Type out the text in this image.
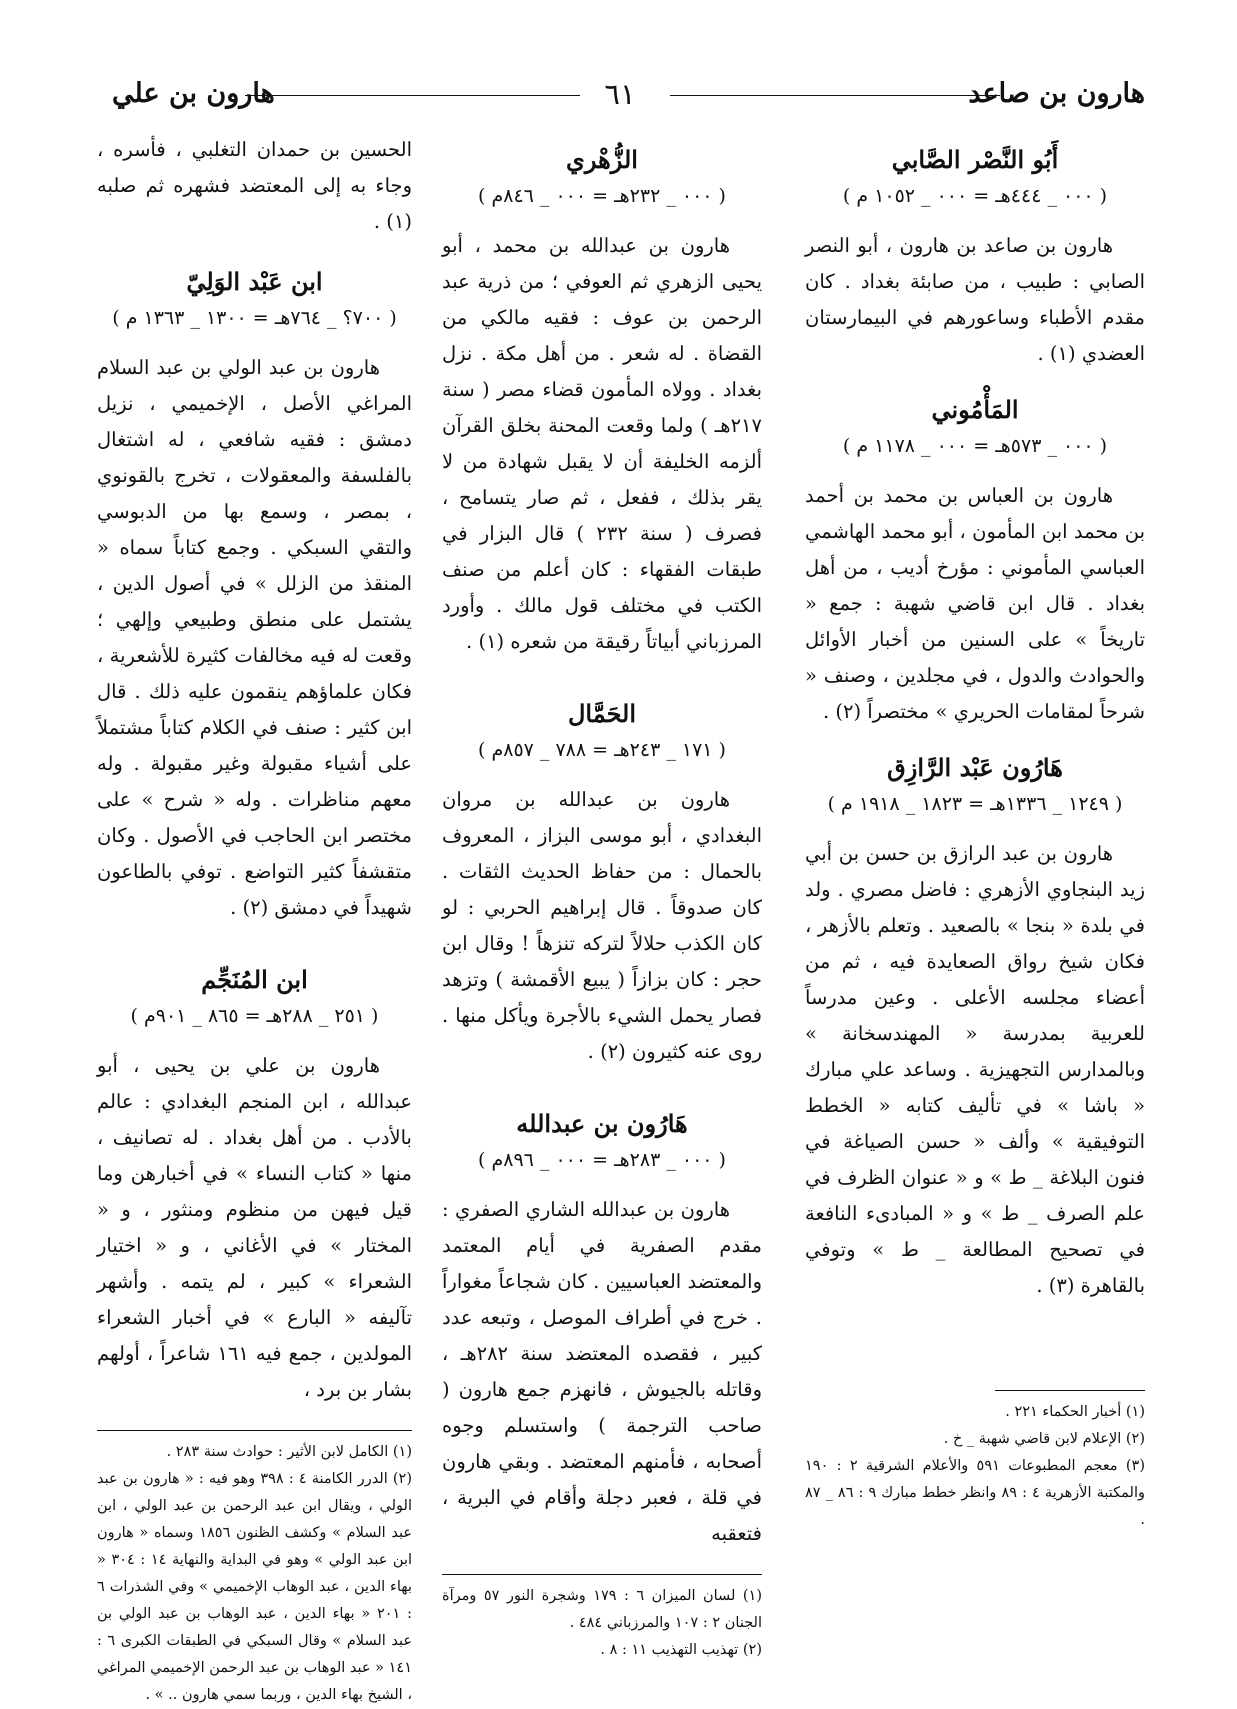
هارون بن صاعد
٦١
هارون بن علي
أَبُو النَّصْر الصَّابي
( ٠٠٠ _ ٤٤٤هـ = ٠٠٠ _ ١٠٥٢ م )

هارون بن صاعد بن هارون ، أبو النصر الصابي : طبيب ، من صابئة بغداد . كان مقدم الأطباء وساعورهم في البيمارستان العضدي (١) .

المَأْمُوني
( ٠٠٠ _ ٥٧٣هـ = ٠٠٠ _ ١١٧٨ م )

هارون بن العباس بن محمد بن أحمد بن محمد ابن المأمون ، أبو محمد الهاشمي العباسي المأموني : مؤرخ أديب ، من أهل بغداد . قال ابن قاضي شهبة : جمع « تاريخاً » على السنين من أخبار الأوائل والحوادث والدول ، في مجلدين ، وصنف « شرحاً لمقامات الحريري » مختصراً (٢) .

هَارُون عَبْد الرَّازِق
( ١٢٤٩ _ ١٣٣٦هـ = ١٨٢٣ _ ١٩١٨ م )

هارون بن عبد الرازق بن حسن بن أبي زيد البنجاوي الأزهري : فاضل مصري . ولد في بلدة « بنجا » بالصعيد . وتعلم بالأزهر ، فكان شيخ رواق الصعايدة فيه ، ثم من أعضاء مجلسه الأعلى . وعين مدرساً للعربية بمدرسة « المهندسخانة » وبالمدارس التجهيزية . وساعد علي مبارك « باشا » في تأليف كتابه « الخطط التوفيقية » وألف « حسن الصياغة في فنون البلاغة _ ط » و « عنوان الظرف في علم الصرف _ ط » و « المبادىء النافعة في تصحيح المطالعة _ ط » وتوفي بالقاهرة (٣) .

(١) أخبار الحكماء ٢٢١ .

(٢) الإعلام لابن قاضي شهبة _ خ .

(٣) معجم المطبوعات ٥٩١ والأعلام الشرقية ٢ : ١٩٠ والمكتبة الأزهرية ٤ : ٨٩ وانظر خطط مبارك ٩ : ٨٦ _ ٨٧ .

الزُّهْري
( ٠٠٠ _ ٢٣٢هـ = ٠٠٠ _ ٨٤٦م )

هارون بن عبدالله بن محمد ، أبو يحيى الزهري ثم العوفي ؛ من ذرية عبد الرحمن بن عوف : فقيه مالكي من القضاة . له شعر . من أهل مكة . نزل بغداد . وولاه المأمون قضاء مصر ( سنة ٢١٧هـ ) ولما وقعت المحنة بخلق القرآن ألزمه الخليفة أن لا يقبل شهادة من لا يقر بذلك ، ففعل ، ثم صار يتسامح ، فصرف ( سنة ٢٣٢ ) قال البزار في طبقات الفقهاء : كان أعلم من صنف الكتب في مختلف قول مالك . وأورد المرزباني أبياتاً رقيقة من شعره (١) .

الحَمَّال
( ١٧١ _ ٢٤٣هـ = ٧٨٨ _ ٨٥٧م )

هارون بن عبدالله بن مروان البغدادي ، أبو موسى البزاز ، المعروف بالحمال : من حفاظ الحديث الثقات . كان صدوقاً . قال إبراهيم الحربي : لو كان الكذب حلالاً لتركه تنزهاً ! وقال ابن حجر : كان بزازاً ( يبيع الأقمشة ) وتزهد فصار يحمل الشيء بالأجرة ويأكل منها . روى عنه كثيرون (٢) .

هَارُون بن عبدالله
( ٠٠٠ _ ٢٨٣هـ = ٠٠٠ _ ٨٩٦م )

هارون بن عبدالله الشاري الصفري : مقدم الصفرية في أيام المعتمد والمعتضد العباسيين . كان شجاعاً مغواراً . خرج في أطراف الموصل ، وتبعه عدد كبير ، فقصده المعتضد سنة ٢٨٢هـ ، وقاتله بالجيوش ، فانهزم جمع هارون ( صاحب الترجمة ) واستسلم وجوه أصحابه ، فأمنهم المعتضد . وبقي هارون في قلة ، فعبر دجلة وأقام في البرية ، فتعقبه

(١) لسان الميزان ٦ : ١٧٩ وشجرة النور ٥٧ ومرآة الجنان ٢ : ١٠٧ والمرزباني ٤٨٤ .

(٢) تهذيب التهذيب ١١ : ٨ .

الحسين بن حمدان التغلبي ، فأسره ، وجاء به إلى المعتضد فشهره ثم صلبه (١) .

ابن عَبْد الوَلِيّ
( ٧٠٠؟ _ ٧٦٤هـ = ١٣٠٠ _ ١٣٦٣ م )

هارون بن عبد الولي بن عبد السلام المراغي الأصل ، الإخميمي ، نزيل دمشق : فقيه شافعي ، له اشتغال بالفلسفة والمعقولات ، تخرج بالقونوي ، بمصر ، وسمع بها من الدبوسي والتقي السبكي . وجمع كتاباً سماه « المنقذ من الزلل » في أصول الدين ، يشتمل على منطق وطبيعي وإلهي ؛ وقعت له فيه مخالفات كثيرة للأشعرية ، فكان علماؤهم ينقمون عليه ذلك . قال ابن كثير : صنف في الكلام كتاباً مشتملاً على أشياء مقبولة وغير مقبولة . وله معهم مناظرات . وله « شرح » على مختصر ابن الحاجب في الأصول . وكان متقشفاً كثير التواضع . توفي بالطاعون شهيداً في دمشق (٢) .

ابن المُنَجِّم
( ٢٥١ _ ٢٨٨هـ = ٨٦٥ _ ٩٠١م )

هارون بن علي بن يحيى ، أبو عبدالله ، ابن المنجم البغدادي : عالم بالأدب . من أهل بغداد . له تصانيف ، منها « كتاب النساء » في أخبارهن وما قيل فيهن من منظوم ومنثور ، و « المختار » في الأغاني ، و « اختيار الشعراء » كبير ، لم يتمه . وأشهر تآليفه « البارع » في أخبار الشعراء المولدين ، جمع فيه ١٦١ شاعراً ، أولهم بشار بن برد ،

(١) الكامل لابن الأثير : حوادث سنة ٢٨٣ .

(٢) الدرر الكامنة ٤ : ٣٩٨ وهو فيه : « هارون بن عبد الولي ، ويقال ابن عبد الرحمن بن عبد الولي ، ابن عبد السلام » وكشف الظنون ١٨٥٦ وسماه « هارون ابن عبد الولي » وهو في البداية والنهاية ١٤ : ٣٠٤ « بهاء الدين ، عبد الوهاب الإخميمي » وفي الشذرات ٦ : ٢٠١ « بهاء الدين ، عبد الوهاب بن عبد الولي بن عبد السلام » وقال السبكي في الطبقات الكبرى ٦ : ١٤١ « عبد الوهاب بن عبد الرحمن الإخميمي المراغي ، الشيخ بهاء الدين ، وربما سمي هارون .. » .
